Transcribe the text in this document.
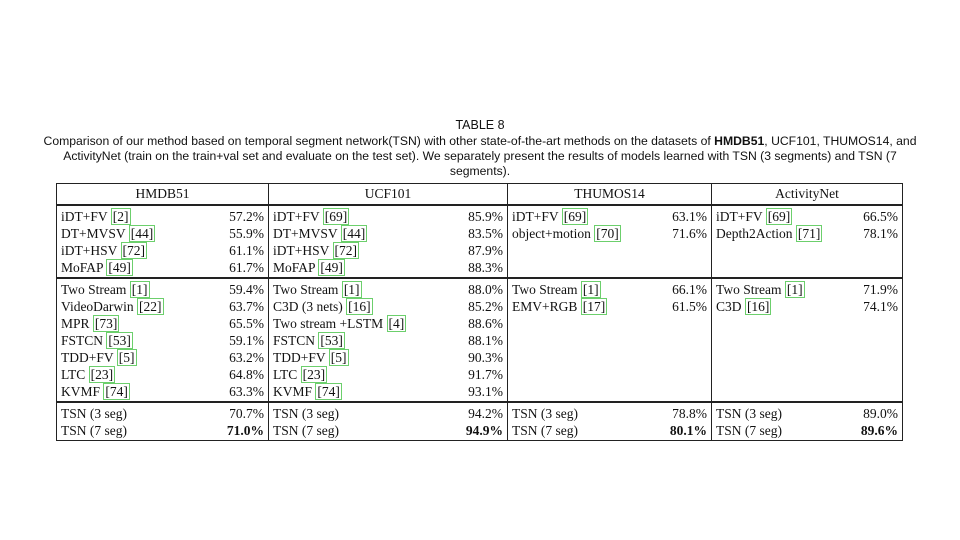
TABLE 8
Comparison of our method based on temporal segment network(TSN) with other state-of-the-art methods on the datasets of HMDB51, UCF101, THUMOS14, and ActivityNet (train on the train+val set and evaluate on the test set). We separately present the results of models learned with TSN (3 segments) and TSN (7 segments).
HMDB51		UCF101		THUMOS14		ActivityNet	
iDT+FV [2]	57.2%	iDT+FV [69]	85.9%	iDT+FV [69]	63.1%	iDT+FV [69]	66.5%
DT+MVSV [44]	55.9%	DT+MVSV [44]	83.5%	object+motion [70]	71.6%	Depth2Action [71]	78.1%
iDT+HSV [72]	61.1%	iDT+HSV [72]	87.9%				
MoFAP [49]	61.7%	MoFAP [49]	88.3%				
Two Stream [1]	59.4%	Two Stream [1]	88.0%	Two Stream [1]	66.1%	Two Stream [1]	71.9%
VideoDarwin [22]	63.7%	C3D (3 nets) [16]	85.2%	EMV+RGB [17]	61.5%	C3D [16]	74.1%
MPR [73]	65.5%	Two stream +LSTM [4]	88.6%				
FSTCN [53]	59.1%	FSTCN [53]	88.1%				
TDD+FV [5]	63.2%	TDD+FV [5]	90.3%				
LTC [23]	64.8%	LTC [23]	91.7%				
KVMF [74]	63.3%	KVMF [74]	93.1%				
TSN (3 seg)	70.7%	TSN (3 seg)	94.2%	TSN (3 seg)	78.8%	TSN (3 seg)	89.0%
TSN (7 seg)	71.0%	TSN (7 seg)	94.9%	TSN (7 seg)	80.1%	TSN (7 seg)	89.6%
